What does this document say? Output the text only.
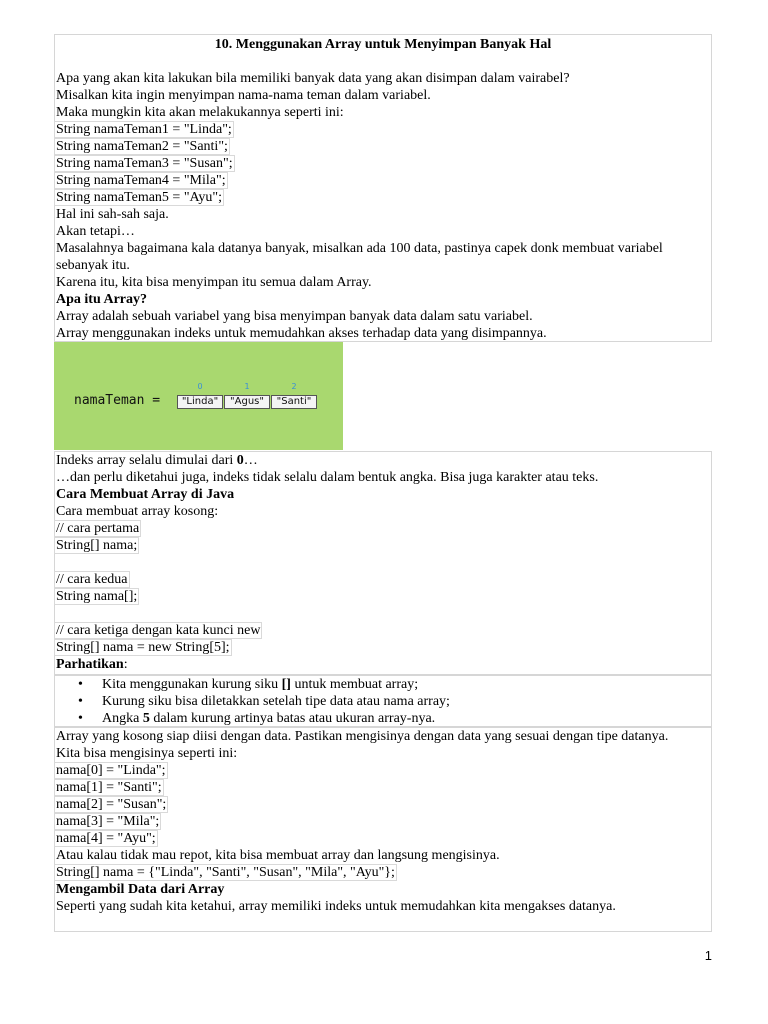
10. Menggunakan Array untuk Menyimpan Banyak Hal
Apa yang akan kita lakukan bila memiliki banyak data yang akan disimpan dalam vairabel?
Misalkan kita ingin menyimpan nama-nama teman dalam variabel.
Maka mungkin kita akan melakukannya seperti ini:
String namaTeman1 = "Linda";
String namaTeman2 = "Santi";
String namaTeman3 = "Susan";
String namaTeman4 = "Mila";
String namaTeman5 = "Ayu";
Hal ini sah-sah saja.
Akan tetapi…
Masalahnya bagaimana kala datanya banyak, misalkan ada 100 data, pastinya capek donk membuat variabel sebanyak itu.
Karena itu, kita bisa menyimpan itu semua dalam Array.
Apa itu Array?
Array adalah sebuah variabel yang bisa menyimpan banyak data dalam satu variabel.
Array menggunakan indeks untuk memudahkan akses terhadap data yang disimpannya.
namaTeman =
0	1	2
"Linda"	"Agus"	"Santi"
Indeks array selalu dimulai dari 0…
…dan perlu diketahui juga, indeks tidak selalu dalam bentuk angka. Bisa juga karakter atau teks.
Cara Membuat Array di Java
Cara membuat array kosong:
// cara pertama
String[] nama;
// cara kedua
String nama[];
// cara ketiga dengan kata kunci new
String[] nama = new String[5];
Parhatikan:
• Kita menggunakan kurung siku [] untuk membuat array;
• Kurung siku bisa diletakkan setelah tipe data atau nama array;
• Angka 5 dalam kurung artinya batas atau ukuran array-nya.
Array yang kosong siap diisi dengan data. Pastikan mengisinya dengan data yang sesuai dengan tipe datanya.
Kita bisa mengisinya seperti ini:
nama[0] = "Linda";
nama[1] = "Santi";
nama[2] = "Susan";
nama[3] = "Mila";
nama[4] = "Ayu";
Atau kalau tidak mau repot, kita bisa membuat array dan langsung mengisinya.
String[] nama = {"Linda", "Santi", "Susan", "Mila", "Ayu"};
Mengambil Data dari Array
Seperti yang sudah kita ketahui, array memiliki indeks untuk memudahkan kita mengakses datanya.
1
